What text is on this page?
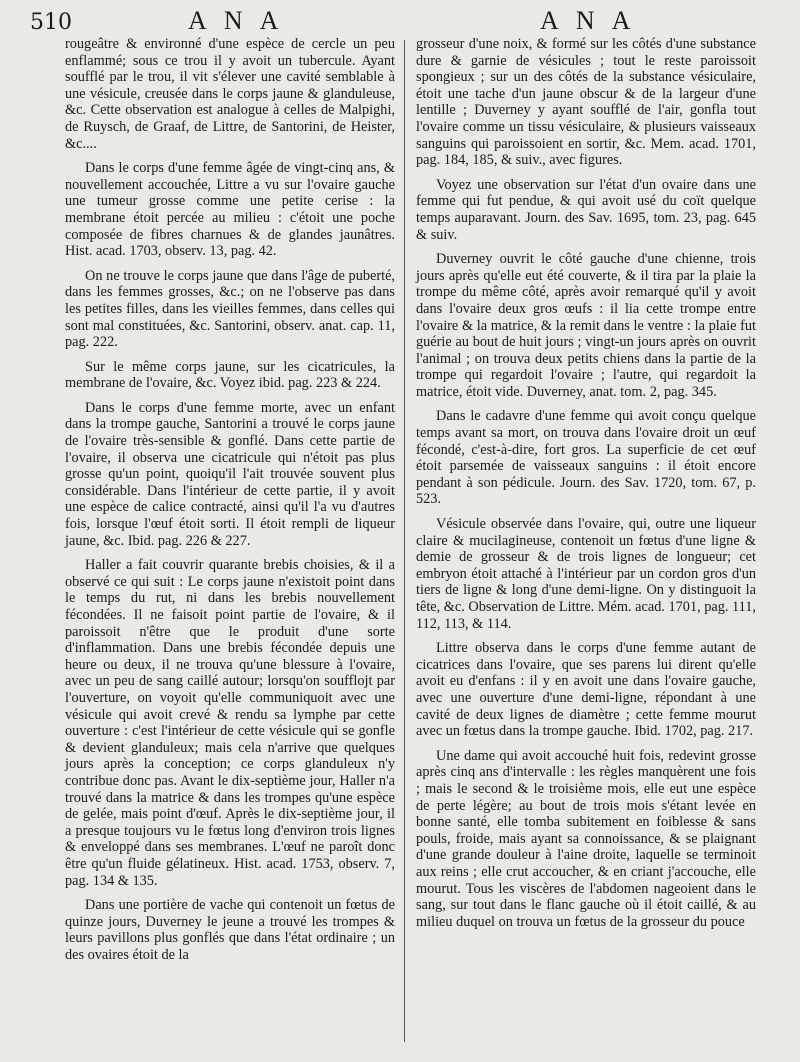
510	A N A	A N A

rougeâtre & environné d'une espèce de cercle un peu enflammé; sous ce trou il y avoit un tubercule. Ayant soufflé par le trou, il vit s'élever une cavité semblable à une vésicule, creusée dans le corps jaune & glanduleuse, &c. Cette observation est analogue à celles de Malpighi, de Ruysch, de Graaf, de Littre, de Santorini, de Heister, &c....

Dans le corps d'une femme âgée de vingt-cinq ans, & nouvellement accouchée, Littre a vu sur l'ovaire gauche une tumeur grosse comme une petite cerise : la membrane étoit percée au milieu : c'étoit une poche composée de fibres charnues & de glandes jaunâtres. Hist. acad. 1703, observ. 13, pag. 42.

On ne trouve le corps jaune que dans l'âge de puberté, dans les femmes grosses, &c.; on ne l'observe pas dans les petites filles, dans les vieilles femmes, dans celles qui sont mal constituées, &c. Santorini, observ. anat. cap. 11, pag. 222.

Sur le même corps jaune, sur les cicatricules, la membrane de l'ovaire, &c. Voyez ibid. pag. 223 & 224.

Dans le corps d'une femme morte, avec un enfant dans la trompe gauche, Santorini a trouvé le corps jaune de l'ovaire très-sensible & gonflé. Dans cette partie de l'ovaire, il observa une cicatricule qui n'étoit pas plus grosse qu'un point, quoiqu'il l'ait trouvée souvent plus considérable. Dans l'intérieur de cette partie, il y avoit une espèce de calice contracté, ainsi qu'il l'a vu d'autres fois, lorsque l'œuf étoit sorti. Il étoit rempli de liqueur jaune, &c. Ibid. pag. 226 & 227.

Haller a fait couvrir quarante brebis choisies, & il a observé ce qui suit : Le corps jaune n'existoit point dans le temps du rut, ni dans les brebis nouvellement fécondées. Il ne faisoit point partie de l'ovaire, & il paroissoit n'être que le produit d'une sorte d'inflammation. Dans une brebis fécondée depuis une heure ou deux, il ne trouva qu'une blessure à l'ovaire, avec un peu de sang caillé autour; lorsqu'on soufflojt par l'ouverture, on voyoit qu'elle communiquoit avec une vésicule qui avoit crevé & rendu sa lymphe par cette ouverture : c'est l'intérieur de cette vésicule qui se gonfle & devient glanduleux; mais cela n'arrive que quelques jours après la conception; ce corps glanduleux n'y contribue donc pas. Avant le dix-septième jour, Haller n'a trouvé dans la matrice & dans les trompes qu'une espèce de gelée, mais point d'œuf. Après le dix-septième jour, il a presque toujours vu le fœtus long d'environ trois lignes & enveloppé dans ses membranes. L'œuf ne paroît donc être qu'un fluide gélatineux. Hist. acad. 1753, observ. 7, pag. 134 & 135.

Dans une portière de vache qui contenoit un fœtus de quinze jours, Duverney le jeune a trouvé les trompes & leurs pavillons plus gonflés que dans l'état ordinaire ; un des ovaires étoit de la

grosseur d'une noix, & formé sur les côtés d'une substance dure & garnie de vésicules ; tout le reste paroissoit spongieux ; sur un des côtés de la substance vésiculaire, étoit une tache d'un jaune obscur & de la largeur d'une lentille ; Duverney y ayant soufflé de l'air, gonfla tout l'ovaire comme un tissu vésiculaire, & plusieurs vaisseaux sanguins qui paroissoient en sortir, &c. Mem. acad. 1701, pag. 184, 185, & suiv., avec figures.

Voyez une observation sur l'état d'un ovaire dans une femme qui fut pendue, & qui avoit usé du coït quelque temps auparavant. Journ. des Sav. 1695, tom. 23, pag. 645 & suiv.

Duverney ouvrit le côté gauche d'une chienne, trois jours après qu'elle eut été couverte, & il tira par la plaie la trompe du même côté, après avoir remarqué qu'il y avoit dans l'ovaire deux gros œufs : il lia cette trompe entre l'ovaire & la matrice, & la remit dans le ventre : la plaie fut guérie au bout de huit jours ; vingt-un jours après on ouvrit l'animal ; on trouva deux petits chiens dans la partie de la trompe qui regardoit l'ovaire ; l'autre, qui regardoit la matrice, étoit vide. Duverney, anat. tom. 2, pag. 345.

Dans le cadavre d'une femme qui avoit conçu quelque temps avant sa mort, on trouva dans l'ovaire droit un œuf fécondé, c'est-à-dire, fort gros. La superficie de cet œuf étoit parsemée de vaisseaux sanguins : il étoit encore pendant à son pédicule. Journ. des Sav. 1720, tom. 67, p. 523.

Vésicule observée dans l'ovaire, qui, outre une liqueur claire & mucilagineuse, contenoit un fœtus d'une ligne & demie de grosseur & de trois lignes de longueur; cet embryon étoit attaché à l'intérieur par un cordon gros d'un tiers de ligne & long d'une demi-ligne. On y distinguoit la tête, &c. Observation de Littre. Mém. acad. 1701, pag. 111, 112, 113, & 114.

Littre observa dans le corps d'une femme autant de cicatrices dans l'ovaire, que ses parens lui dirent qu'elle avoit eu d'enfans : il y en avoit une dans l'ovaire gauche, avec une ouverture d'une demi-ligne, répondant à une cavité de deux lignes de diamètre ; cette femme mourut avec un fœtus dans la trompe gauche. Ibid. 1702, pag. 217.

Une dame qui avoit accouché huit fois, redevint grosse après cinq ans d'intervalle : les règles manquèrent une fois ; mais le second & le troisième mois, elle eut une espèce de perte légère; au bout de trois mois s'étant levée en bonne santé, elle tomba subitement en foiblesse & sans pouls, froide, mais ayant sa connoissance, & se plaignant d'une grande douleur à l'aine droite, laquelle se terminoit aux reins ; elle crut accoucher, & en criant j'accouche, elle mourut. Tous les viscères de l'abdomen nageoient dans le sang, sur tout dans le flanc gauche où il étoit caillé, & au milieu duquel on trouva un fœtus de la grosseur du pouce
